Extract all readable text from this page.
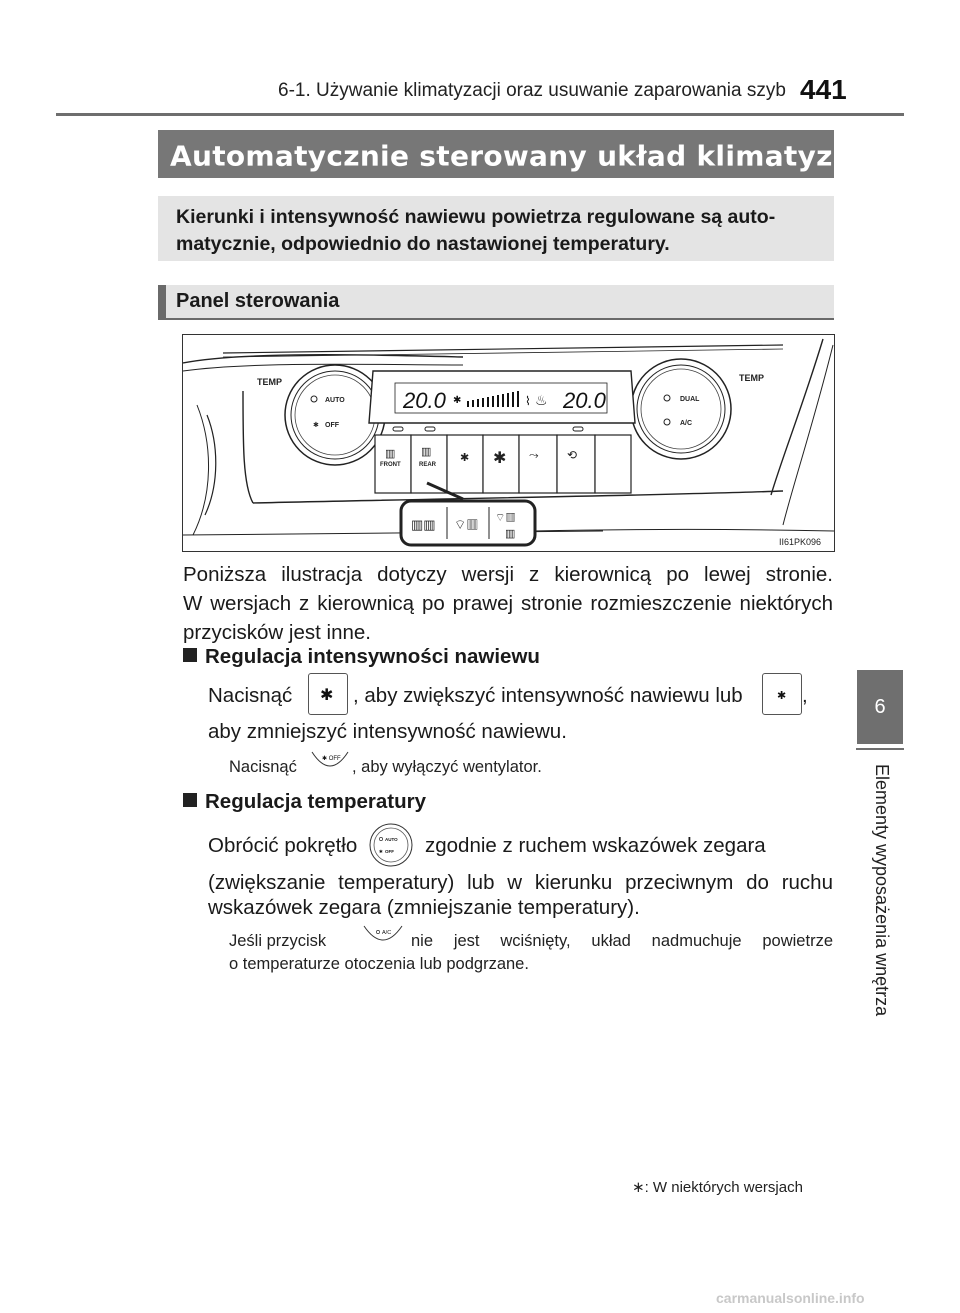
6-1. Używanie klimatyzacji oraz usuwanie zaparowania szyb 441
6
Elementy wyposażenia wnętrza
Automatycznie sterowany układ klimatyzacji∗
Kierunki i intensywność nawiewu powietrza regulowane są auto-
matycznie, odpowiednio do nastawionej temperatury.
Panel sterowania
TEMP	TEMP
AUTO
✱ OFF
DUAL
A/C
20.0 ✱	⌇ ♨ 20.0
▥
FRONT
▥
REAR
✱ ✱ ⤳ ⟲
▥▥ ⌔▥ ⌔▥
▥
II61PK096
Poniższa ilustracja dotyczy wersji z kierownicą po lewej stronie.
W wersjach z kierownicą po prawej stronie rozmieszczenie niektórych
przycisków jest inne.
Regulacja intensywności nawiewu
Nacisnąć ✱ , aby zwiększyć intensywność nawiewu lub	✱ ,
aby zmniejszyć intensywność nawiewu.
Nacisnąć	✱ OFF , aby wyłączyć wentylator.
Regulacja temperatury
Obrócić pokrętło	AUTO
✱ OFF zgodnie z ruchem wskazówek zegara
(zwiększanie temperatury) lub w kierunku przeciwnym do ruchu
wskazówek zegara (zmniejszanie temperatury).
Jeśli przycisk	A/C nie jest wciśnięty, układ nadmuchuje powietrze
o temperaturze otoczenia lub podgrzane.
∗: W niektórych wersjach
carmanualsonline.info
